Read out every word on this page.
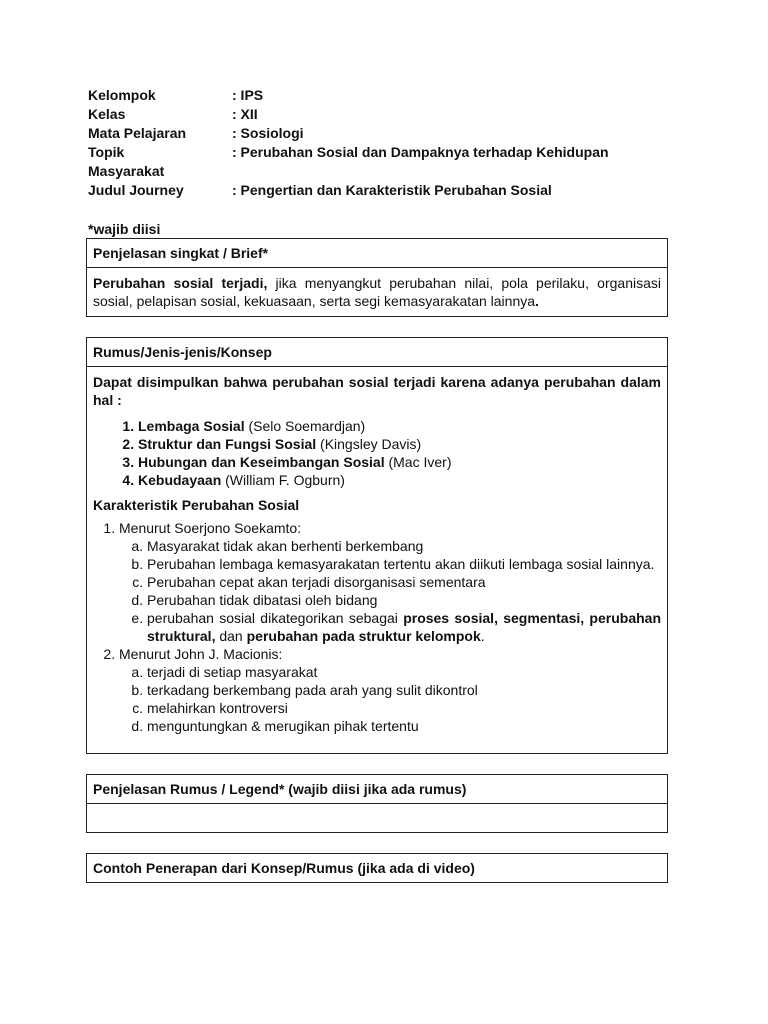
Kelompok	: IPS
Kelas	: XII
Mata Pelajaran	: Sosiologi
Topik	: Perubahan Sosial dan Dampaknya terhadap Kehidupan Masyarakat
Judul Journey	: Pengertian dan Karakteristik Perubahan Sosial
*wajib diisi
Penjelasan singkat / Brief*

Perubahan sosial terjadi, jika menyangkut perubahan nilai, pola perilaku, organisasi sosial, pelapisan sosial, kekuasaan, serta segi kemasyarakatan lainnya.
Rumus/Jenis-jenis/Konsep

Dapat disimpulkan bahwa perubahan sosial terjadi karena adanya perubahan dalam hal :
1. Lembaga Sosial (Selo Soemardjan)
2. Struktur dan Fungsi Sosial (Kingsley Davis)
3. Hubungan dan Keseimbangan Sosial (Mac Iver)
4. Kebudayaan (William F. Ogburn)
Karakteristik Perubahan Sosial
1. Menurut Soerjono Soekamto:
a. Masyarakat tidak akan berhenti berkembang
b. Perubahan lembaga kemasyarakatan tertentu akan diikuti lembaga sosial lainnya.
c. Perubahan cepat akan terjadi disorganisasi sementara
d. Perubahan tidak dibatasi oleh bidang
e. perubahan sosial dikategorikan sebagai proses sosial, segmentasi, perubahan struktural, dan perubahan pada struktur kelompok.
2. Menurut John J. Macionis:
a. terjadi di setiap masyarakat
b. terkadang berkembang pada arah yang sulit dikontrol
c. melahirkan kontroversi
d. menguntungkan & merugikan pihak tertentu
Penjelasan Rumus / Legend* (wajib diisi jika ada rumus)

Contoh Penerapan dari Konsep/Rumus (jika ada di video)
